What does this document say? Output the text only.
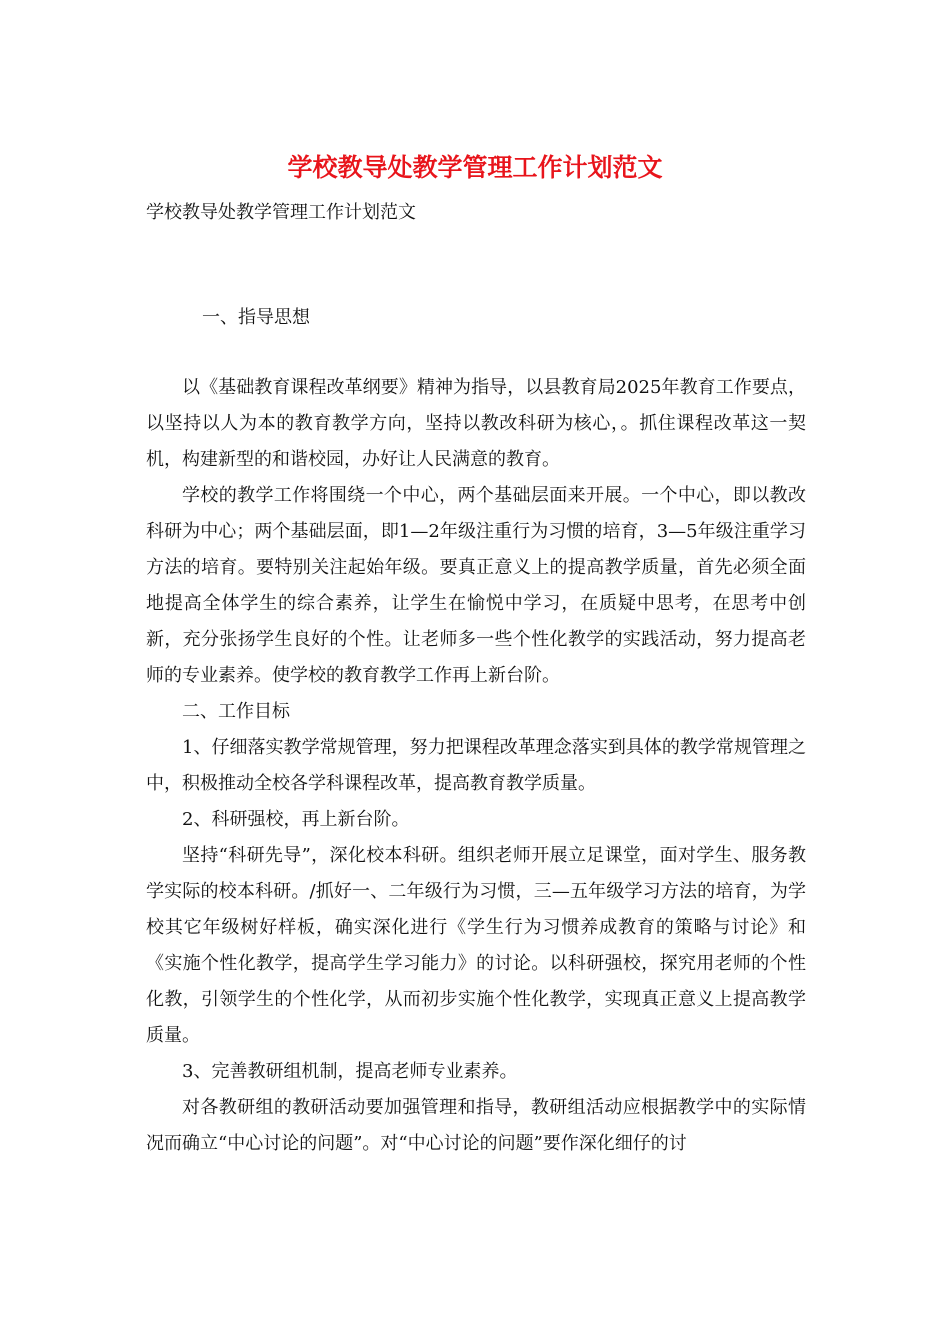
学校教导处教学管理工作计划范文

学校教导处教学管理工作计划范文

一、指导思想

以《基础教育课程改革纲要》精神为指导，以县教育局2025年教育工作要点，以坚持以人为本的教育教学方向，坚持以教改科研为核心，。抓住课程改革这一契机，构建新型的和谐校园，办好让人民满意的教育。

学校的教学工作将围绕一个中心，两个基础层面来开展。一个中心，即以教改科研为中心；两个基础层面，即1—2年级注重行为习惯的培育，3—5年级注重学习方法的培育。要特别关注起始年级。要真正意义上的提高教学质量，首先必须全面地提高全体学生的综合素养，让学生在愉悦中学习，在质疑中思考，在思考中创新，充分张扬学生良好的个性。让老师多一些个性化教学的实践活动，努力提高老师的专业素养。使学校的教育教学工作再上新台阶。

二、工作目标

1、仔细落实教学常规管理，努力把课程改革理念落实到具体的教学常规管理之中，积极推动全校各学科课程改革，提高教育教学质量。

2、科研强校，再上新台阶。

坚持“科研先导”，深化校本科研。组织老师开展立足课堂，面对学生、服务教学实际的校本科研。/抓好一、二年级行为习惯，三—五年级学习方法的培育，为学校其它年级树好样板，确实深化进行《学生行为习惯养成教育的策略与讨论》和《实施个性化教学，提高学生学习能力》的讨论。以科研强校，探究用老师的个性化教，引领学生的个性化学，从而初步实施个性化教学，实现真正意义上提高教学质量。

3、完善教研组机制，提高老师专业素养。

对各教研组的教研活动要加强管理和指导，教研组活动应根据教学中的实际情况而确立“中心讨论的问题”。对“中心讨论的问题”要作深化细仔的讨
